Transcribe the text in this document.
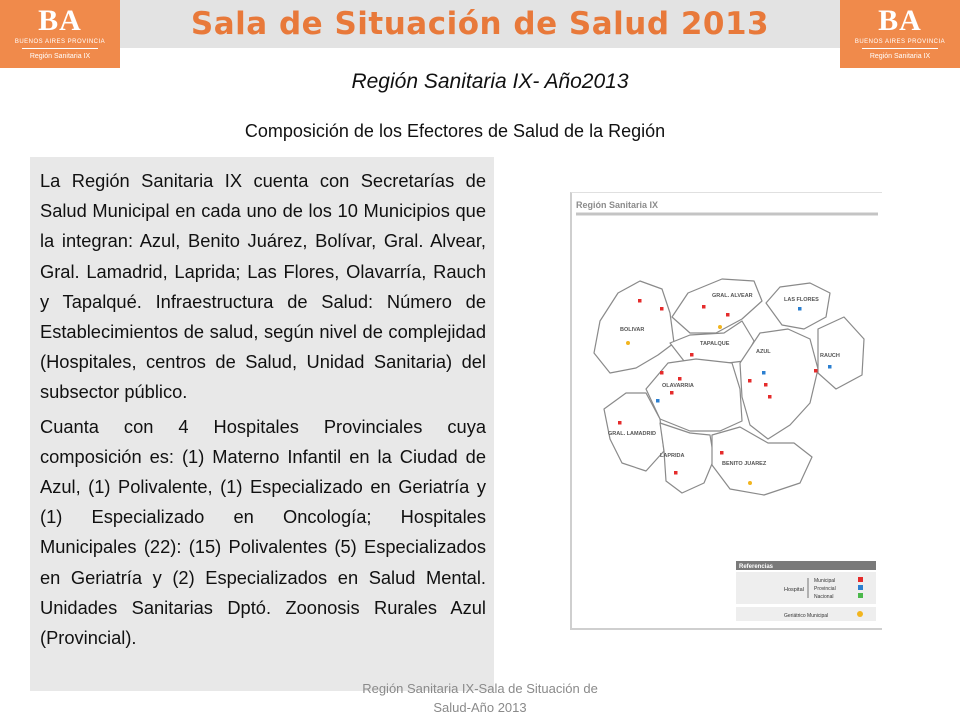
BA
BUENOS AIRES PROVINCIA
Región Sanitaria IX
Sala de Situación de Salud 2013	BA
BUENOS AIRES PROVINCIA
Región Sanitaria IX
Región Sanitaria IX- Año2013
Composición de los Efectores de Salud de la Región

La Región Sanitaria IX cuenta con Secretarías de Salud Municipal en cada uno de los 10 Municipios que la integran: Azul, Benito Juárez, Bolívar, Gral. Alvear, Gral. Lamadrid, Laprida; Las Flores, Olavarría, Rauch y Tapalqué. Infraestructura de Salud: Número de Establecimientos de salud, según nivel de complejidad (Hospitales, centros de Salud, Unidad Sanitaria) del subsector público.

Cuanta con 4 Hospitales Provinciales cuya composición es: (1) Materno Infantil en la Ciudad de Azul, (1) Polivalente, (1) Especializado en Geriatría y (1) Especializado en Oncología; Hospitales Municipales (22): (15) Polivalentes (5) Especializados en Geriatría y (2) Especializados en Salud Mental. Unidades Sanitarias Dptó. Zoonosis Rurales Azul (Provincial).

Región Sanitaria IX
BOLIVAR
GRAL. ALVEAR
LAS FLORES
TAPALQUE
AZUL
RAUCH
OLAVARRIA
GRAL. LAMADRID
LAPRIDA
BENITO JUAREZ
Referencias
Hospital
Municipal
Provincial
Nacional
Geriátrico Municipal
Región Sanitaria IX-Sala de Situación de
Salud-Año 2013
